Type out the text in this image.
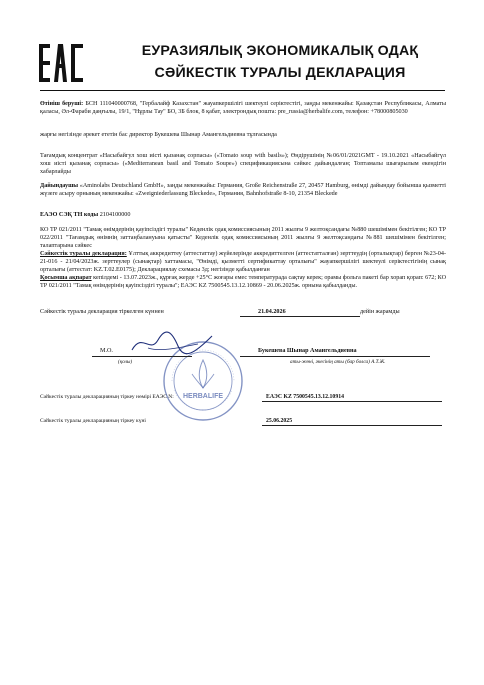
ЕУРАЗИЯЛЫҚ ЭКОНОМИКАЛЫҚ ОДАҚ
СӘЙКЕСТІК ТУРАЛЫ ДЕКЛАРАЦИЯ
Өтініш беруші: БСН 111040000768, "Гербалайф Казахстан" жауапкершілігі шектеулі серіктестігі, заңды мекенжайы: Қазақстан Республикасы, Алматы қаласы, Әл-Фараби даңғылы, 19/1, "Нұрлы Тау" БО, 3Б блок, 8 қабат, электрондық пошта: pre_russia@herbalife.com, телефон: +78000805030
жарғы негізінде әрекет ететін бас директор Букешева Шынар Амангельдиевна тұлғасында
Тағамдық концентрат «Насыбайгул хош иісті қызанақ сорпасы» («Tomato soup with basils»); Өндірушінің №06/01/2021GMT - 19.10.2021 «Насыбайгүл хош иісті қызанақ сорпасы» («Mediterranean basil and Tomato Soupe») спецификациясына сәйкес дайындалған; Топтамалы шығарылым екендігін хабарлайды
Дайындаушы «Aminolabs Deutschland GmbH», заңды мекенжайы: Германия, Große Reichenstraße 27, 20457 Hamburg, өнімді дайындау бойынша қызметті жүзеге асыру орнының мекенжайы: «Zweigniederlassung Bleckede», Германия, Bahnhofstraße 8-10, 21354 Bleckede
ЕАЭО СЭҚ ТН коды 2104100000
КО ТР 021/2011 "Тамақ өнімдерінің қауіпсіздігі туралы" Кеденлік одақ комиссиясының 2011 жылғы 9 желтоқсандағы №880 шешімімен бекітілген; КО ТР 022/2011 "Тағамдық өнімнің заттаңбалануына қатысты" Кеденлік одақ комиссиясының 2011 жылғы 9 желтоқсандағы №881 шешімімен бекітілген; талаптарына сәйкес
Сәйкестік туралы декларация: Ұлттық аккредиттеу (аттестаттау) жүйелерінде аккредиттелген (аттестатталған) зерттеудің (орталықтар) берген №23-04-21-016 - 21/04/2023ж. зерттеулер (сынақтар) хаттамасы, "Өнімді, қызметті сертификаттау орталығы" жауапкершілігі шектеулі серіктестігінің сынақ орталығы (аттестат: KZ.T.02.E0175); Декларациялау схемасы 3д; негізінде қабылданған
Қосымша ақпарат кепілдемі - 13.07.2023ж., құрғақ жерде +25°С жоғары емес температурада сақтау керек; орамы фольга пакеті бар хорап қорап: 672; КО ТР 021/2011 "Тамақ өнімдерінің қауіпсіздігі туралы"; ЕАЭС KZ 7500545.13.12.10869 - 20.06.2025ж. орнына қабылданды.
Сәйкестік туралы декларация тіркелген күннен	21.04.2026	дейін жарамды
HERBALIFE
М.О.
(қолы)
Букешева Шынар Амангельдиевна
аты-жөні, әкесінің аты (бар болса) А.Т.Ж.
Сәйкестік туралы декларацияның тіркеу нөмірі ЕАЭС N:	ЕАЭС KZ 7500545.13.12.10914
Сәйкестік туралы декларацияның тіркеу күні	25.06.2025
